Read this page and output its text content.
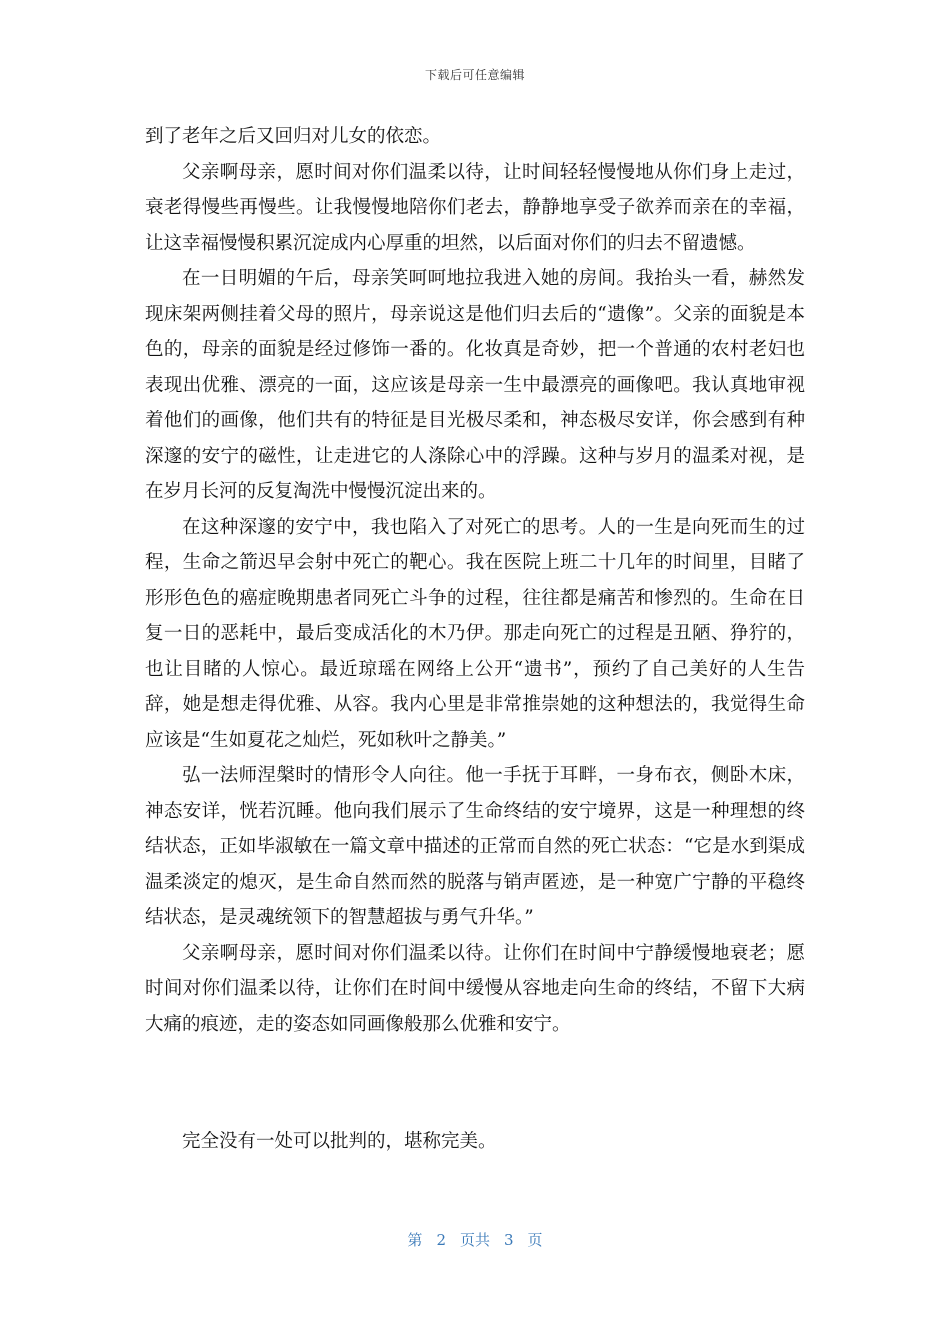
下载后可任意编辑

到了老年之后又回归对儿女的依恋。

父亲啊母亲，愿时间对你们温柔以待，让时间轻轻慢慢地从你们身上走过，衰老得慢些再慢些。让我慢慢地陪你们老去，静静地享受子欲养而亲在的幸福，让这幸福慢慢积累沉淀成内心厚重的坦然，以后面对你们的归去不留遗憾。

在一日明媚的午后，母亲笑呵呵地拉我进入她的房间。我抬头一看，赫然发现床架两侧挂着父母的照片，母亲说这是他们归去后的“遗像”。父亲的面貌是本色的，母亲的面貌是经过修饰一番的。化妆真是奇妙，把一个普通的农村老妇也表现出优雅、漂亮的一面，这应该是母亲一生中最漂亮的画像吧。我认真地审视着他们的画像，他们共有的特征是目光极尽柔和，神态极尽安详，你会感到有种深邃的安宁的磁性，让走进它的人涤除心中的浮躁。这种与岁月的温柔对视，是在岁月长河的反复淘洗中慢慢沉淀出来的。

在这种深邃的安宁中，我也陷入了对死亡的思考。人的一生是向死而生的过程，生命之箭迟早会射中死亡的靶心。我在医院上班二十几年的时间里，目睹了形形色色的癌症晚期患者同死亡斗争的过程，往往都是痛苦和惨烈的。生命在日复一日的恶耗中，最后变成活化的木乃伊。那走向死亡的过程是丑陋、狰狞的，也让目睹的人惊心。最近琼瑶在网络上公开“遗书”，预约了自己美好的人生告辞，她是想走得优雅、从容。我内心里是非常推崇她的这种想法的，我觉得生命应该是“生如夏花之灿烂，死如秋叶之静美。”

弘一法师涅槃时的情形令人向往。他一手抚于耳畔，一身布衣，侧卧木床，神态安详，恍若沉睡。他向我们展示了生命终结的安宁境界，这是一种理想的终结状态，正如毕淑敏在一篇文章中描述的正常而自然的死亡状态：“它是水到渠成温柔淡定的熄灭，是生命自然而然的脱落与销声匿迹，是一种宽广宁静的平稳终结状态，是灵魂统领下的智慧超拔与勇气升华。”

父亲啊母亲，愿时间对你们温柔以待。让你们在时间中宁静缓慢地衰老；愿时间对你们温柔以待，让你们在时间中缓慢从容地走向生命的终结，不留下大病大痛的痕迹，走的姿态如同画像般那么优雅和安宁。

完全没有一处可以批判的，堪称完美。
第 2 页共 3 页
